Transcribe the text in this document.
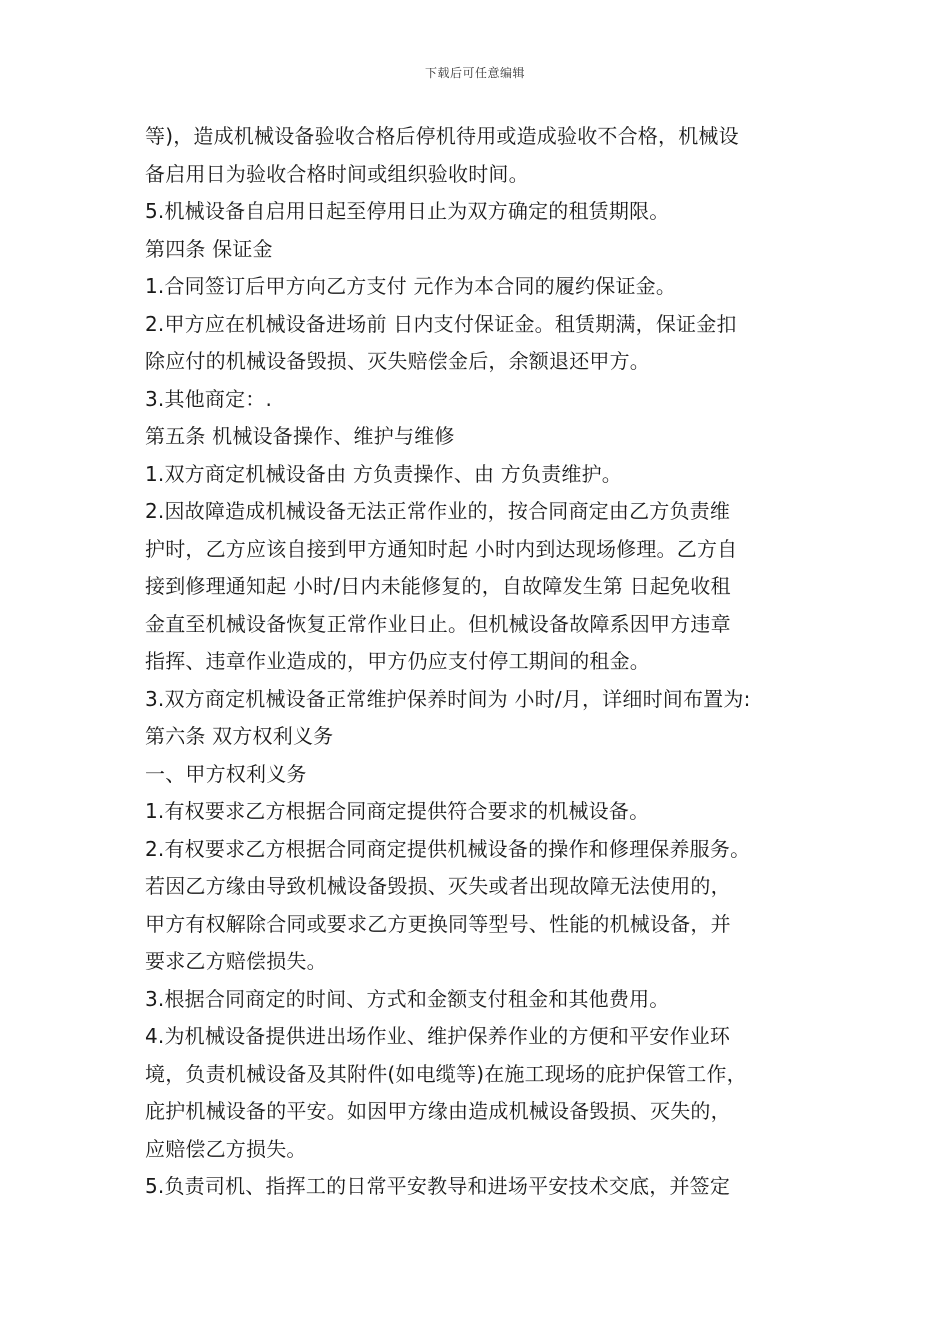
下载后可任意编辑
等)，造成机械设备验收合格后停机待用或造成验收不合格，机械设
备启用日为验收合格时间或组织验收时间。
5.机械设备自启用日起至停用日止为双方确定的租赁期限。
第四条 保证金
1.合同签订后甲方向乙方支付 元作为本合同的履约保证金。
2.甲方应在机械设备进场前 日内支付保证金。租赁期满，保证金扣
除应付的机械设备毁损、灭失赔偿金后，余额退还甲方。
3.其他商定：.
第五条 机械设备操作、维护与维修
1.双方商定机械设备由 方负责操作、由 方负责维护。
2.因故障造成机械设备无法正常作业的，按合同商定由乙方负责维
护时，乙方应该自接到甲方通知时起 小时内到达现场修理。乙方自
接到修理通知起 小时/日内未能修复的，自故障发生第 日起免收租
金直至机械设备恢复正常作业日止。但机械设备故障系因甲方违章
指挥、违章作业造成的，甲方仍应支付停工期间的租金。
3.双方商定机械设备正常维护保养时间为 小时/月，详细时间布置为:
第六条 双方权利义务
一、甲方权利义务
1.有权要求乙方根据合同商定提供符合要求的机械设备。
2.有权要求乙方根据合同商定提供机械设备的操作和修理保养服务。
若因乙方缘由导致机械设备毁损、灭失或者出现故障无法使用的，
甲方有权解除合同或要求乙方更换同等型号、性能的机械设备，并
要求乙方赔偿损失。
3.根据合同商定的时间、方式和金额支付租金和其他费用。
4.为机械设备提供进出场作业、维护保养作业的方便和平安作业环
境，负责机械设备及其附件(如电缆等)在施工现场的庇护保管工作，
庇护机械设备的平安。如因甲方缘由造成机械设备毁损、灭失的，
应赔偿乙方损失。
5.负责司机、指挥工的日常平安教导和进场平安技术交底，并签定
